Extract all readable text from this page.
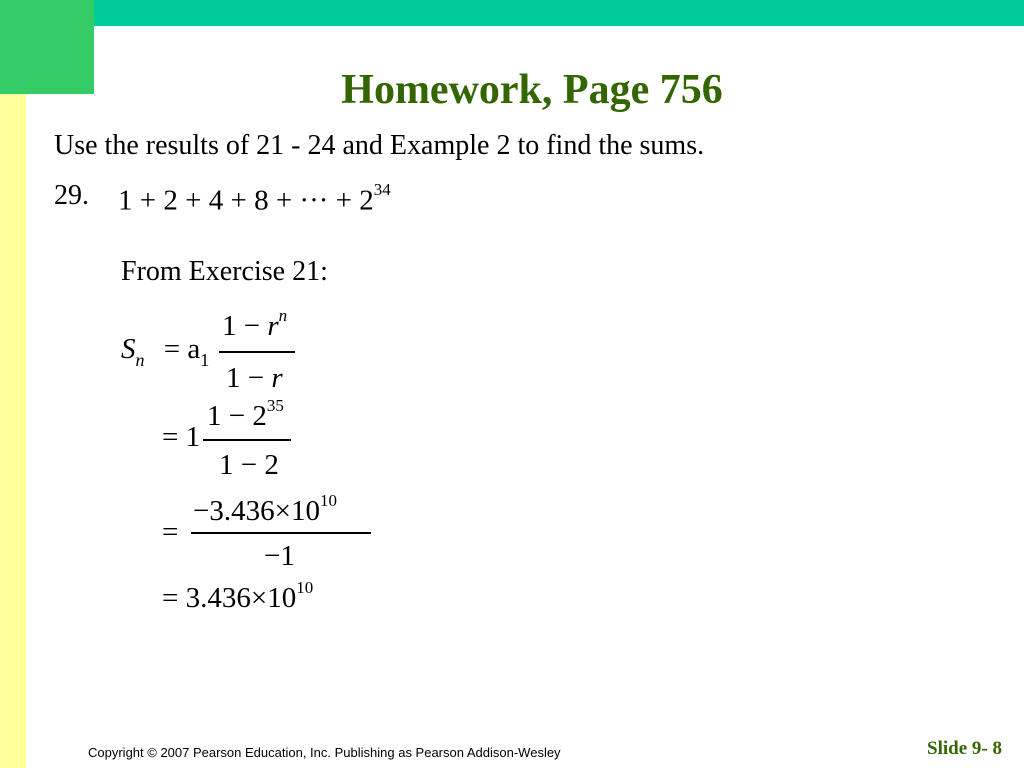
Homework, Page 756
Use the results of 21 - 24 and Example 2 to find the sums.
29. 1 + 2 + 4 + 8 + ··· + $2^{34}$
From Exercise 21:
$S_n = a_1$
$1 - r^n$
1 − r
= 1
$1 - 2^{35}$
1 − 2
=
$-3.436\times 10^{10}$
−1
= $3.436\times 10^{10}$
Copyright © 2007 Pearson Education, Inc. Publishing as Pearson Addison-Wesley	Slide 9- 8
